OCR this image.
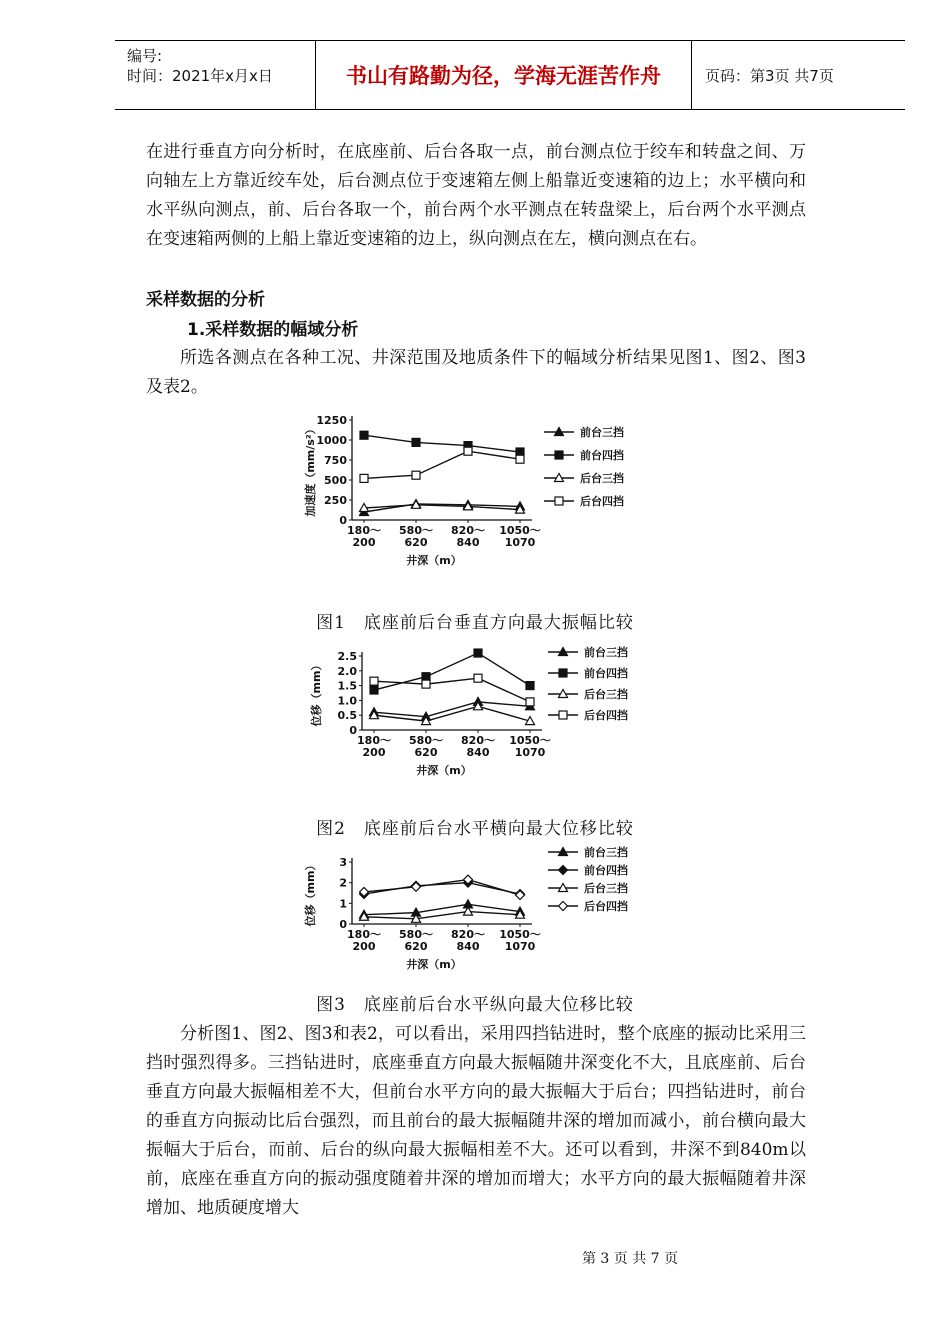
编号:
时间：2021年x月x日	书山有路勤为径，学海无涯苦作舟	页码：第3页 共7页
在进行垂直方向分析时，在底座前、后台各取一点，前台测点位于绞车和转盘之间、万向轴左上方靠近绞车处，后台测点位于变速箱左侧上船靠近变速箱的边上；水平横向和水平纵向测点，前、后台各取一个，前台两个水平测点在转盘梁上，后台两个水平测点在变速箱两侧的上船上靠近变速箱的边上，纵向测点在左，横向测点在右。
采样数据的分析
1.采样数据的幅域分析
所选各测点在各种工况、井深范围及地质条件下的幅域分析结果见图1、图2、图3及表2。
0
250
500
750
1000
1250
180～
200
580～
620
820～
840
1050～
1070
井深（m）
加速度（mm/s²）	前台三挡
前台四挡
后台三挡
后台四挡
图1　底座前后台垂直方向最大振幅比较
0
0.5
1.0
1.5
2.0
2.5
180～
200
580～
620
820～
840
1050～
1070
井深（m）
位移（mm）
前台三挡
前台四挡
后台三挡
后台四挡
图2　底座前后台水平横向最大位移比较
0
1
2
3
180～
200
580～
620
820～
840
1050～
1070
井深（m）
位移（mm）
前台三挡
前台四挡
后台三挡
后台四挡
图3　底座前后台水平纵向最大位移比较
分析图1、图2、图3和表2，可以看出，采用四挡钻进时，整个底座的振动比采用三挡时强烈得多。三挡钻进时，底座垂直方向最大振幅随井深变化不大，且底座前、后台垂直方向最大振幅相差不大，但前台水平方向的最大振幅大于后台；四挡钻进时，前台的垂直方向振动比后台强烈，而且前台的最大振幅随井深的增加而减小，前台横向最大振幅大于后台，而前、后台的纵向最大振幅相差不大。还可以看到，井深不到840m以前，底座在垂直方向的振动强度随着井深的增加而增大；水平方向的最大振幅随着井深增加、地质硬度增大
第 3 页 共 7 页
